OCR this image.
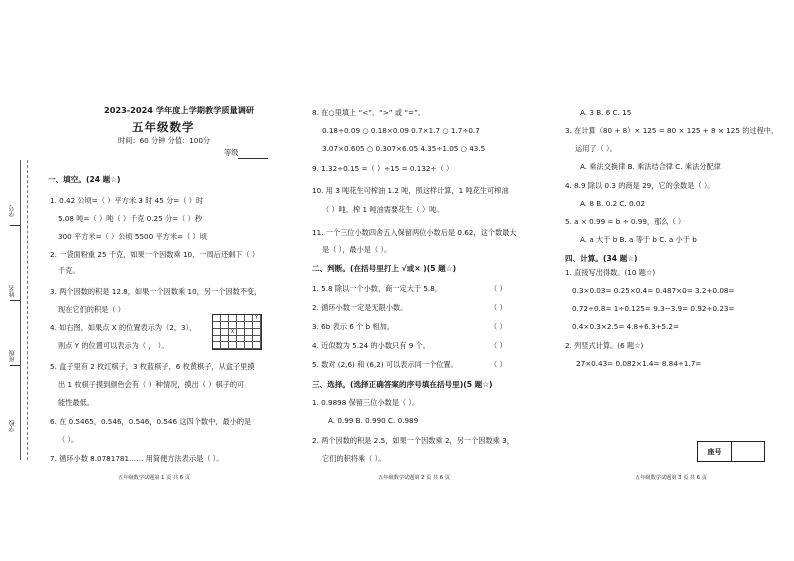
学号
姓名
班级
学校
2023-2024 学年度上学期教学质量调研
五年级数学
时间：60 分钟 分值：100分
等级
一、填空。(24 题☆)
1. 0.42 公顷=（ ）平方米 3 时 45 分=（ ）时
5.08 吨=（ ）吨（ ）千克 0.25 分=（ ）秒
300 平方米=（ ）公顷 5500 平方米=（ ）顷
2. 一袋面粉重 25 千克，如果一个因数乘 10，一周后还剩下（ ）
千克。
3. 两个因数的积是 12.8，如果一个因数乘 10，另一个因数不变，
现在它们的积是（ ）
4. 如右图，如果点 X 的位置表示为（2，3），
则点 Y 的位置可以表示为（ ， ）。
Y
X
5. 盒子里有 2 枚红棋子，3 枚蓝棋子，6 枚黄棋子，从盒子里摸
出 1 枚棋子摸到颜色会有（ ）种情况，摸出（ ）棋子的可
能性最低。
6. 在 0.5465，0.54̇6，0.54̇6̇，0.5̇46 这四个数中，最小的是
（ ）。
7. 循环小数 8.0781781…… 用简便方法表示是（ ）。
五年级数学试题第 1 页 共 6 页
8. 在○里填上 “<”、“>” 或 “=”。
0.18÷0.09 ○ 0.18×0.09 0.7×1.7 ○ 1.7÷0.7
3.07×0.605 ○ 0.307×6.05 4.35÷1.05 ○ 43.5
9. 1.32÷0.15 =（ ）÷15 = 0.132÷（ ）
10. 用 3 吨花生可榨油 1.2 吨，照这样计算，1 吨花生可榨油
（ ）吨，榨 1 吨油需要花生（ ）吨。
11. 一个三位小数四舍五入保留两位小数后是 0.62，这个数最大
是（ ），最小是（ ）。
二、判断。(在括号里打上 √或× )(5 题☆)
1. 5.8 除以一个小数，商一定大于 5.8。
2. 循环小数一定是无限小数。
3. 6b 表示 6 个 b 相加。
4. 近似数为 5.24 的小数只有 9 个。
5. 数对 (2,6) 和 (6,2) 可以表示同一个位置。
（ ）
（ ）
（ ）
（ ）
（ ）
三、选择。(选择正确答案的序号填在括号里)(5 题☆)
1. 0.9898 保留三位小数是（ ）。
A. 0.99 B. 0.990 C. 0.989
2. 两个因数的积是 2.5，如果一个因数乘 2，另一个因数乘 3，
它们的积将乘（ ）。
五年级数学试题第 2 页 共 6 页
A. 3 B. 6 C. 15
3. 在计算（80 + 8）× 125 = 80 × 125 + 8 × 125 的过程中，
运用了（ ）。
A. 乘法交换律 B. 乘法结合律 C. 乘法分配律
4. 8.9 除以 0.3 的商是 29，它的余数是（ ）。
A. 8 B. 0.2 C. 0.02
5. a × 0.99 = b ÷ 0.99，那么（ ）
A. a 大于 b B. a 等于 b C. a 小于 b
四、计算。(34 题☆)
1. 直接写出得数。(10 题☆)
0.3×0.03= 0.25×0.4= 0.487×0= 3.2+0.08=
0.72÷0.8= 1÷0.125= 9.3−3.9= 0.92÷0.23=
0.4×0.3×2.5= 4.8+6.3+5.2=
2. 列竖式计算。(6 题☆)
27×0.43= 0.082×1.4= 8.84÷1.7=
座号
五年级数学试题第 3 页 共 6 页
